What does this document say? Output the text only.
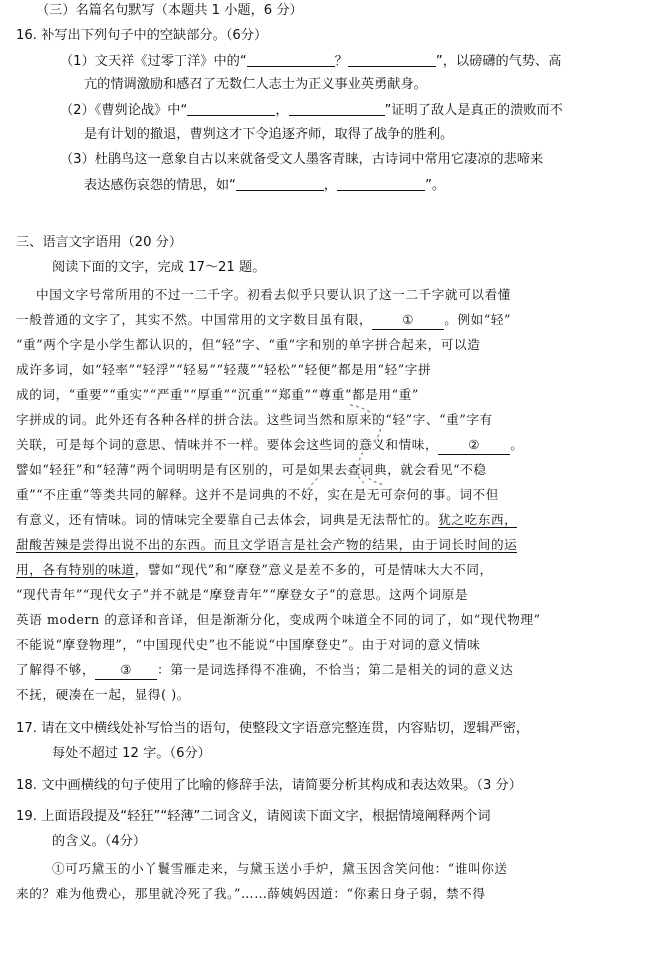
（三）名篇名句默写（本题共 1 小题，6 分）
16. 补写出下列句子中的空缺部分。（6分）
（1）文天祥《过零丁洋》中的“	？	”，以磅礴的气势、高
亢的情调激励和感召了无数仁人志士为正义事业英勇献身。
（2）《曹刿论战》中“	，	”证明了敌人是真正的溃败而不
是有计划的撤退，曹刿这才下令追逐齐师，取得了战争的胜利。
（3）杜鹃鸟这一意象自古以来就备受文人墨客青睐，古诗词中常用它凄凉的悲啼来
表达感伤哀怨的情思，如“	，	”。
三、语言文字语用（20 分）
阅读下面的文字，完成 17～21 题。
中国文字号常所用的不过一二千字。初看去似乎只要认识了这一二千字就可以看懂
一般普通的文字了，其实不然。中国常用的文字数目虽有限， ① 。例如“轻”
“重”两个字是小学生都认识的，但“轻”字、“重”字和别的单字拼合起来，可以造
成许多词，如“轻率”“轻浮”“轻易”“轻蔑”“轻松”“轻便”都是用“轻”字拼
成的词，“重要”“重实”“严重”“厚重”“沉重”“郑重”“尊重”都是用“重”
字拼成的词。此外还有各种各样的拼合法。这些词当然和原来的“轻”字、“重”字有
关联，可是每个词的意思、情味并不一样。要体会这些词的意义和情味， ② 。
譬如“轻狂”和“轻薄”两个词明明是有区别的，可是如果去查词典，就会看见“不稳
重”“不庄重”等类共同的解释。这并不是词典的不好，实在是无可奈何的事。词不但
有意义，还有情味。词的情味完全要靠自己去体会，词典是无法帮忙的。犹之吃东西，
甜酸苦辣是尝得出说不出的东西。而且文学语言是社会产物的结果，由于词长时间的运
用，各有特别的味道，譬如“现代”和“摩登”意义是差不多的，可是情味大大不同，
“现代青年”“现代女子”并不就是“摩登青年”“摩登女子”的意思。这两个词原是
英语 modern 的意译和音译，但是渐渐分化，变成两个味道全不同的词了，如“现代物理”
不能说“摩登物理”，“中国现代史”也不能说“中国摩登史”。由于对词的意义情味
了解得不够， ③ ：第一是词选择得不准确，不恰当；第二是相关的词的意义达
不抚，硬凑在一起，显得( )。
17. 请在文中横线处补写恰当的语句，使整段文字语意完整连贯，内容贴切，逻辑严密，
每处不超过 12 字。（6分）
18. 文中画横线的句子使用了比喻的修辞手法，请简要分析其构成和表达效果。（3 分）
19. 上面语段提及“轻狂”“轻薄”二词含义，请阅读下面文字，根据情境阐释两个词
的含义。（4分）
①可巧黛玉的小丫鬟雪雁走来，与黛玉送小手炉，黛玉因含笑问他：“谁叫你送
来的？难为他费心，那里就冷死了我。”……薛姨妈因道：“你素日身子弱，禁不得
